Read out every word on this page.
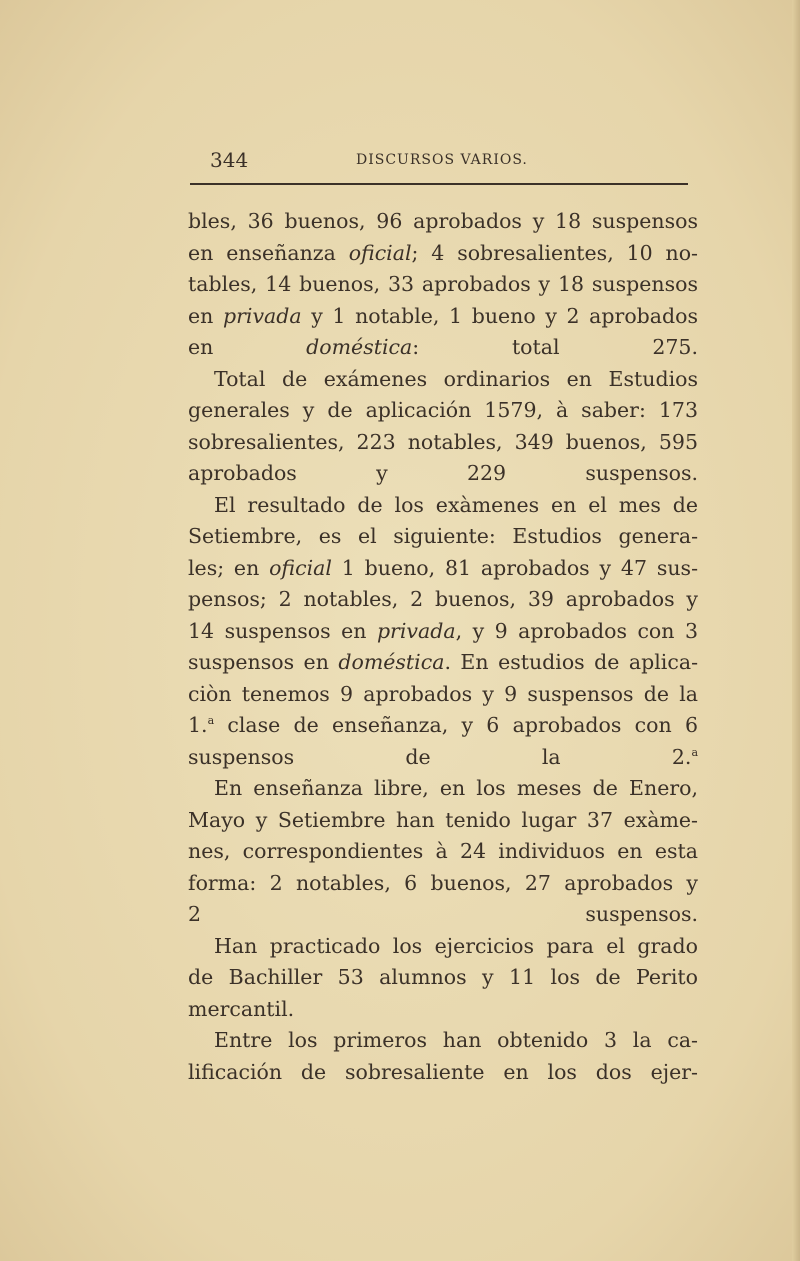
344	DISCURSOS VARIOS.
bles, 36 buenos, 96 aprobados y 18 suspensos
en enseñanza oficial; 4 sobresalientes, 10 no-
tables, 14 buenos, 33 aprobados y 18 suspensos
en privada y 1 notable, 1 bueno y 2 aprobados
en doméstica: total 275.
Total de exámenes ordinarios en Estudios
generales y de aplicación 1579, à saber: 173
sobresalientes, 223 notables, 349 buenos, 595
aprobados y 229 suspensos.
El resultado de los exàmenes en el mes de
Setiembre, es el siguiente: Estudios genera-
les; en oficial 1 bueno, 81 aprobados y 47 sus-
pensos; 2 notables, 2 buenos, 39 aprobados y
14 suspensos en privada, y 9 aprobados con 3
suspensos en doméstica. En estudios de aplica-
ciòn tenemos 9 aprobados y 9 suspensos de la
1.$^a$ clase de enseñanza, y 6 aprobados con 6
suspensos de la 2.$^a$
En enseñanza libre, en los meses de Enero,
Mayo y Setiembre han tenido lugar 37 exàme-
nes, correspondientes à 24 individuos en esta
forma: 2 notables, 6 buenos, 27 aprobados y
2 suspensos.
Han practicado los ejercicios para el grado
de Bachiller 53 alumnos y 11 los de Perito
mercantil.
Entre los primeros han obtenido 3 la ca-
lificación de sobresaliente en los dos ejer-
